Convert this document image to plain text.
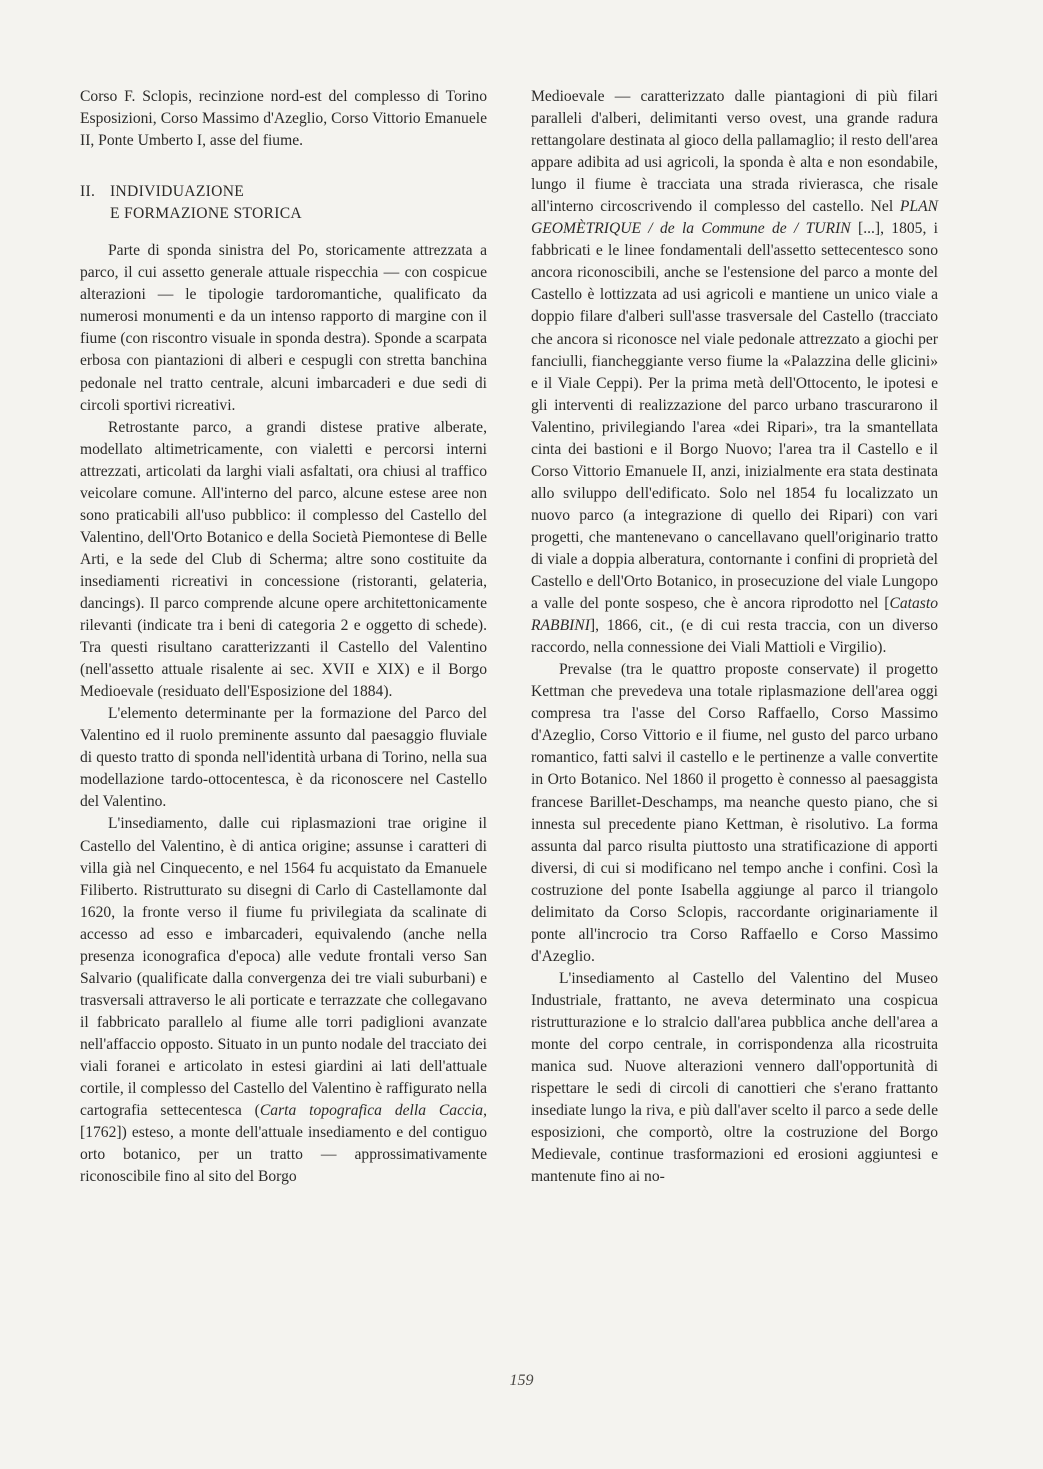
Corso F. Sclopis, recinzione nord-est del complesso di Torino Esposizioni, Corso Massimo d'Azeglio, Corso Vittorio Emanuele II, Ponte Umberto I, asse del fiume.

II. INDIVIDUAZIONE
E FORMAZIONE STORICA

Parte di sponda sinistra del Po, storicamente attrezzata a parco, il cui assetto generale attuale rispecchia — con cospicue alterazioni — le tipologie tardoromantiche, qualificato da numerosi monumenti e da un intenso rapporto di margine con il fiume (con riscontro visuale in sponda destra). Sponde a scarpata erbosa con piantazioni di alberi e cespugli con stretta banchina pedonale nel tratto centrale, alcuni imbarcaderi e due sedi di circoli sportivi ricreativi.

Retrostante parco, a grandi distese prative alberate, modellato altimetricamente, con vialetti e percorsi interni attrezzati, articolati da larghi viali asfaltati, ora chiusi al traffico veicolare comune. All'interno del parco, alcune estese aree non sono praticabili all'uso pubblico: il complesso del Castello del Valentino, dell'Orto Botanico e della Società Piemontese di Belle Arti, e la sede del Club di Scherma; altre sono costituite da insediamenti ricreativi in concessione (ristoranti, gelateria, dancings). Il parco comprende alcune opere architettonicamente rilevanti (indicate tra i beni di categoria 2 e oggetto di schede). Tra questi risultano caratterizzanti il Castello del Valentino (nell'assetto attuale risalente ai sec. XVII e XIX) e il Borgo Medioevale (residuato dell'Esposizione del 1884).

L'elemento determinante per la formazione del Parco del Valentino ed il ruolo preminente assunto dal paesaggio fluviale di questo tratto di sponda nell'identità urbana di Torino, nella sua modellazione tardo-ottocentesca, è da riconoscere nel Castello del Valentino.

L'insediamento, dalle cui riplasmazioni trae origine il Castello del Valentino, è di antica origine; assunse i caratteri di villa già nel Cinquecento, e nel 1564 fu acquistato da Emanuele Filiberto. Ristrutturato su disegni di Carlo di Castellamonte dal 1620, la fronte verso il fiume fu privilegiata da scalinate di accesso ad esso e imbarcaderi, equivalendo (anche nella presenza iconografica d'epoca) alle vedute frontali verso San Salvario (qualificate dalla convergenza dei tre viali suburbani) e trasversali attraverso le ali porticate e terrazzate che collegavano il fabbricato parallelo al fiume alle torri padiglioni avanzate nell'affaccio opposto. Situato in un punto nodale del tracciato dei viali foranei e articolato in estesi giardini ai lati dell'attuale cortile, il complesso del Castello del Valentino è raffigurato nella cartografia settecentesca (Carta topografica della Caccia, [1762]) esteso, a monte dell'attuale insediamento e del contiguo orto botanico, per un tratto — approssimativamente riconoscibile fino al sito del Borgo

Medioevale — caratterizzato dalle piantagioni di più filari paralleli d'alberi, delimitanti verso ovest, una grande radura rettangolare destinata al gioco della pallamaglio; il resto dell'area appare adibita ad usi agricoli, la sponda è alta e non esondabile, lungo il fiume è tracciata una strada rivierasca, che risale all'interno circoscrivendo il complesso del castello. Nel PLAN GEOMÈTRIQUE / de la Commune de / TURIN [...], 1805, i fabbricati e le linee fondamentali dell'assetto settecentesco sono ancora riconoscibili, anche se l'estensione del parco a monte del Castello è lottizzata ad usi agricoli e mantiene un unico viale a doppio filare d'alberi sull'asse trasversale del Castello (tracciato che ancora si riconosce nel viale pedonale attrezzato a giochi per fanciulli, fiancheggiante verso fiume la «Palazzina delle glicini» e il Viale Ceppi). Per la prima metà dell'Ottocento, le ipotesi e gli interventi di realizzazione del parco urbano trascurarono il Valentino, privilegiando l'area «dei Ripari», tra la smantellata cinta dei bastioni e il Borgo Nuovo; l'area tra il Castello e il Corso Vittorio Emanuele II, anzi, inizialmente era stata destinata allo sviluppo dell'edificato. Solo nel 1854 fu localizzato un nuovo parco (a integrazione di quello dei Ripari) con vari progetti, che mantenevano o cancellavano quell'originario tratto di viale a doppia alberatura, contornante i confini di proprietà del Castello e dell'Orto Botanico, in prosecuzione del viale Lungopo a valle del ponte sospeso, che è ancora riprodotto nel [Catasto RABBINI], 1866, cit., (e di cui resta traccia, con un diverso raccordo, nella connessione dei Viali Mattioli e Virgilio).

Prevalse (tra le quattro proposte conservate) il progetto Kettman che prevedeva una totale riplasmazione dell'area oggi compresa tra l'asse del Corso Raffaello, Corso Massimo d'Azeglio, Corso Vittorio e il fiume, nel gusto del parco urbano romantico, fatti salvi il castello e le pertinenze a valle convertite in Orto Botanico. Nel 1860 il progetto è connesso al paesaggista francese Barillet-Deschamps, ma neanche questo piano, che si innesta sul precedente piano Kettman, è risolutivo. La forma assunta dal parco risulta piuttosto una stratificazione di apporti diversi, di cui si modificano nel tempo anche i confini. Così la costruzione del ponte Isabella aggiunge al parco il triangolo delimitato da Corso Sclopis, raccordante originariamente il ponte all'incrocio tra Corso Raffaello e Corso Massimo d'Azeglio.

L'insediamento al Castello del Valentino del Museo Industriale, frattanto, ne aveva determinato una cospicua ristrutturazione e lo stralcio dall'area pubblica anche dell'area a monte del corpo centrale, in corrispondenza alla ricostruita manica sud. Nuove alterazioni vennero dall'opportunità di rispettare le sedi di circoli di canottieri che s'erano frattanto insediate lungo la riva, e più dall'aver scelto il parco a sede delle esposizioni, che comportò, oltre la costruzione del Borgo Medievale, continue trasformazioni ed erosioni aggiuntesi e mantenute fino ai no-

159
